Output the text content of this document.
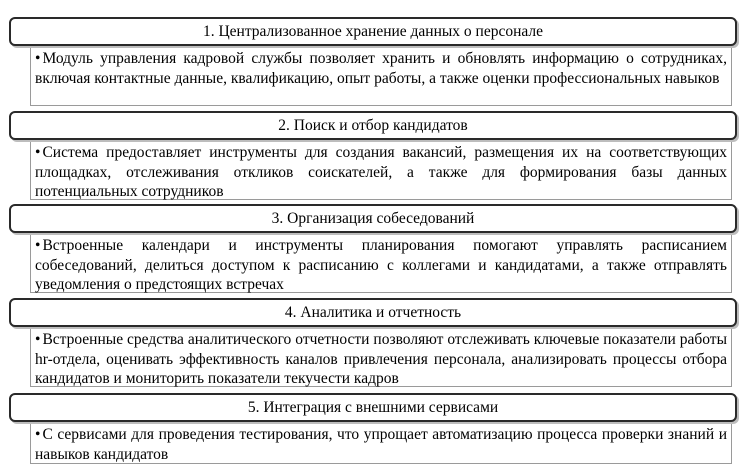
1. Централизованное хранение данных о персонале
• Модуль управления кадровой службы позволяет хранить и обновлять информацию о сотрудниках, включая контактные данные, квалификацию, опыт работы, а также оценки профессиональных навыков
2. Поиск и отбор кандидатов
• Система предоставляет инструменты для создания вакансий, размещения их на соответствующих площадках, отслеживания откликов соискателей, а также для формирования базы данных потенциальных сотрудников
3. Организация собеседований
• Встроенные календари и инструменты планирования помогают управлять расписанием собеседований, делиться доступом к расписанию с коллегами и кандидатами, а также отправлять уведомления о предстоящих встречах
4. Аналитика и отчетность
• Встроенные средства аналитического отчетности позволяют отслеживать ключевые показатели работы hr-отдела, оценивать эффективность каналов привлечения персонала, анализировать процессы отбора кандидатов и мониторить показатели текучести кадров
5. Интеграция с внешними сервисами
• С сервисами для проведения тестирования, что упрощает автоматизацию процесса проверки знаний и навыков кандидатов
